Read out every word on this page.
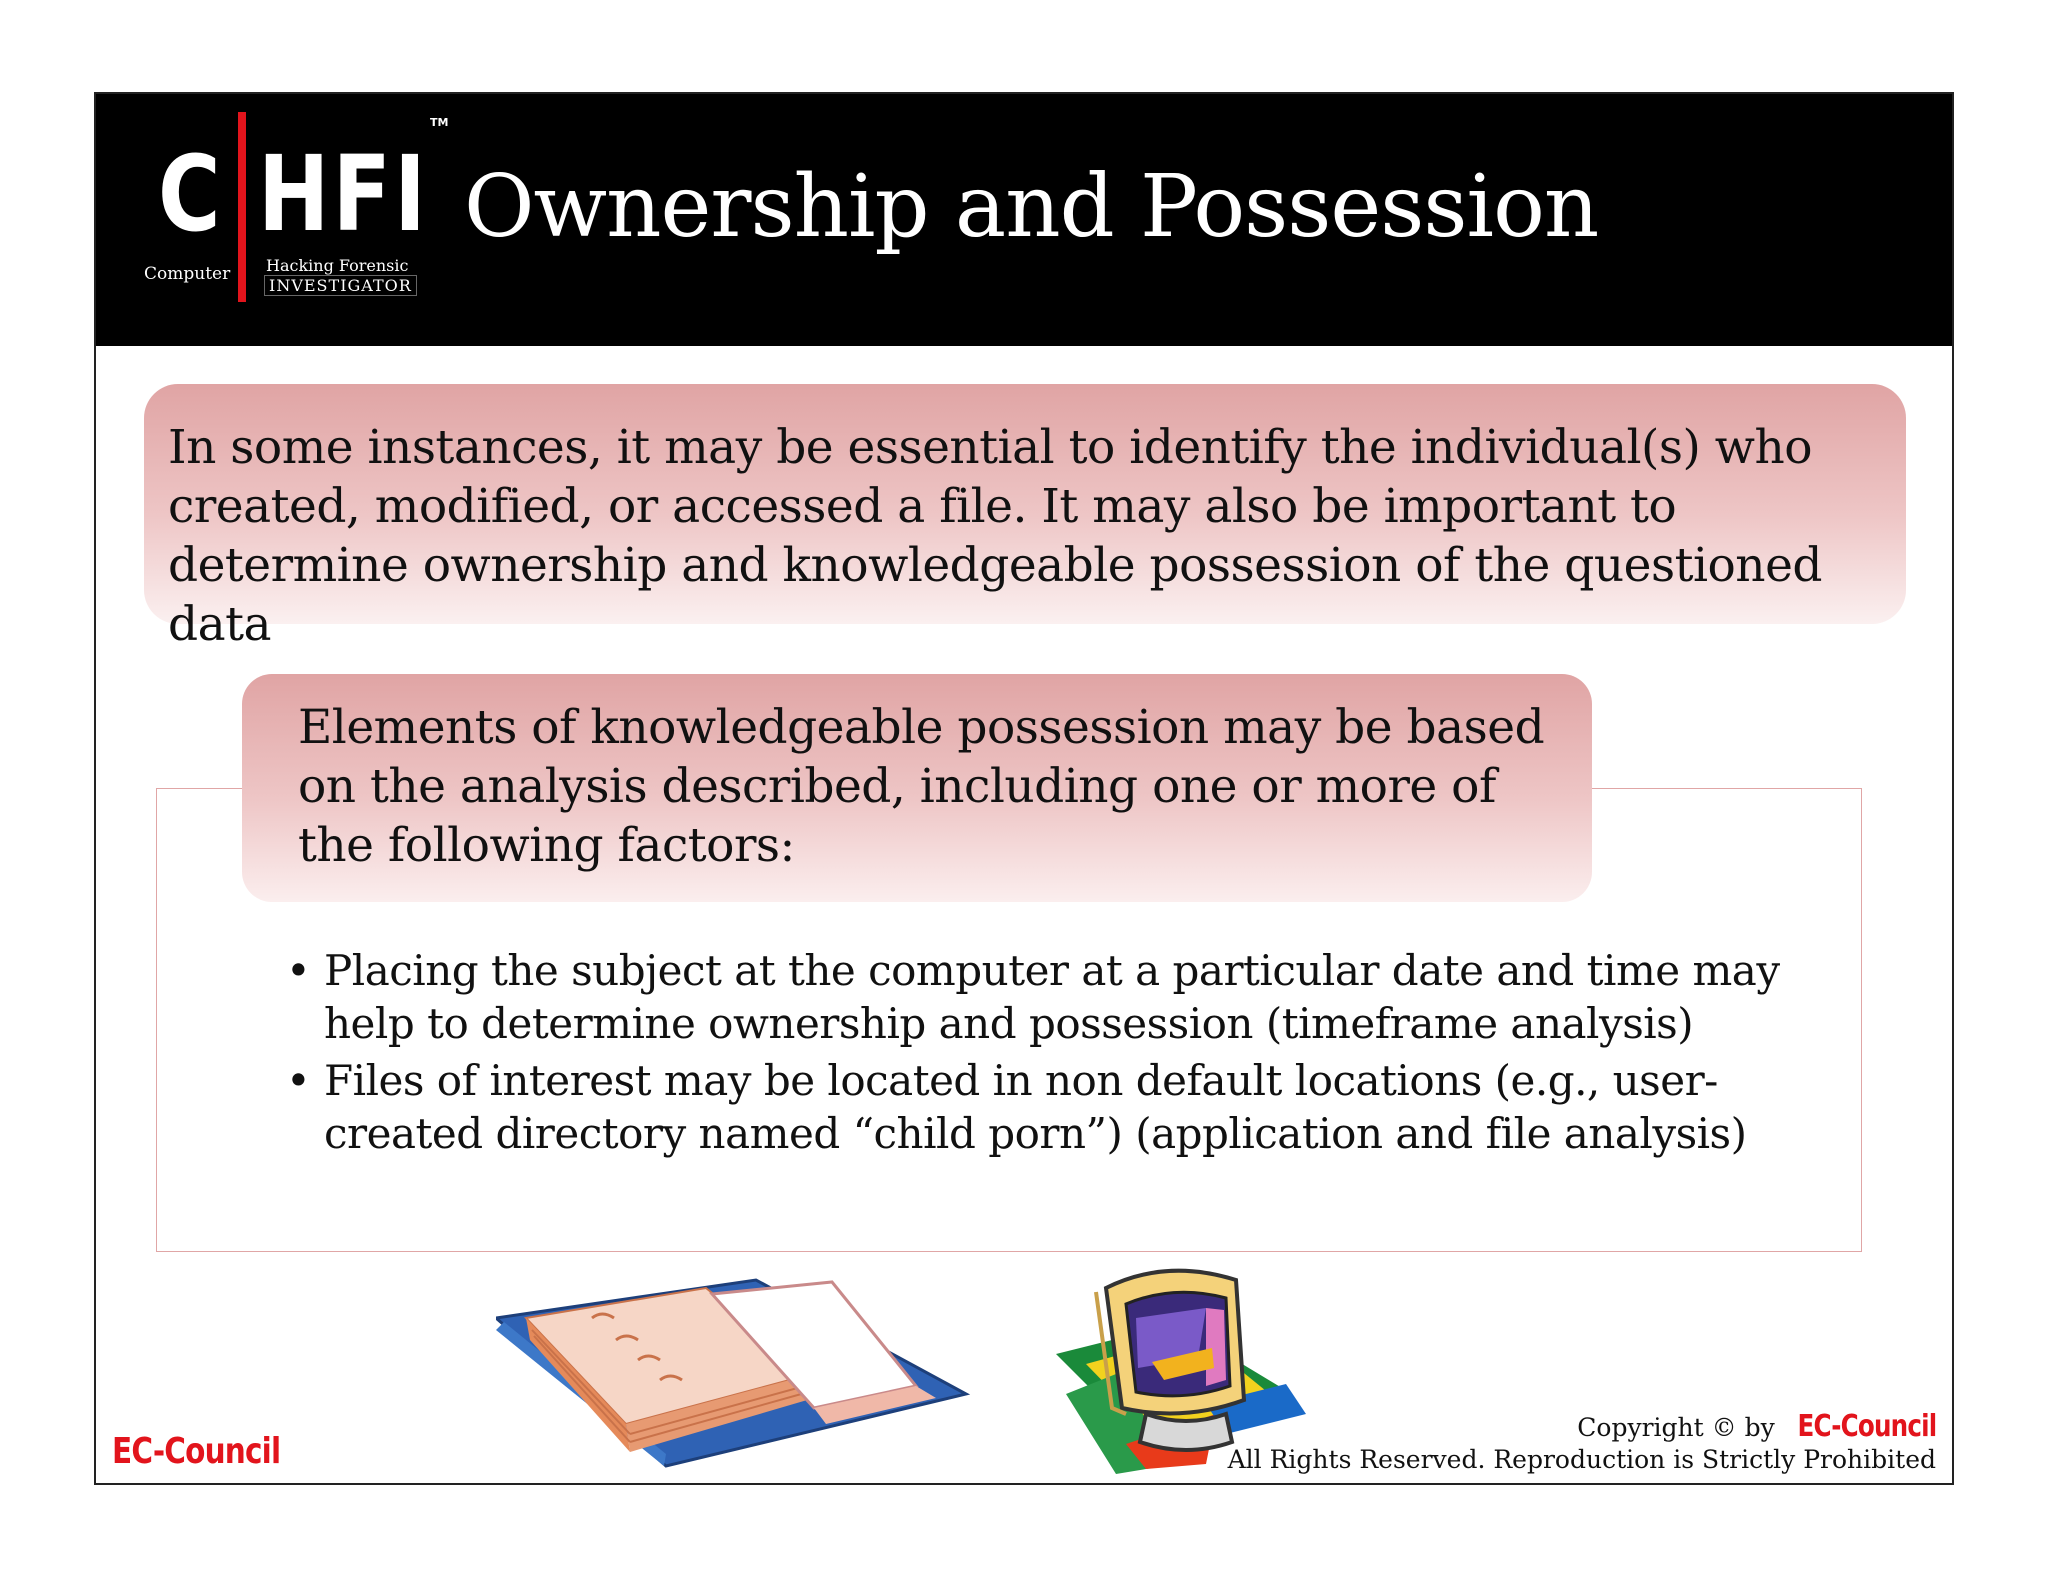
C HFI
TM
Computer Hacking Forensic
INVESTIGATOR
Ownership and Possession

In some instances, it may be essential to identify the individual(s) who created, modified, or accessed a file. It may also be important to determine ownership and knowledgeable possession of the questioned data

Elements of knowledgeable possession may be based on the analysis described, including one or more of the following factors:

• Placing the subject at the computer at a particular date and time may help to determine ownership and possession (timeframe analysis)
• Files of interest may be located in non default locations (e.g., user-created directory named “child porn”) (application and file analysis)
EC-Council
Copyright © by EC-Council
All Rights Reserved. Reproduction is Strictly Prohibited
